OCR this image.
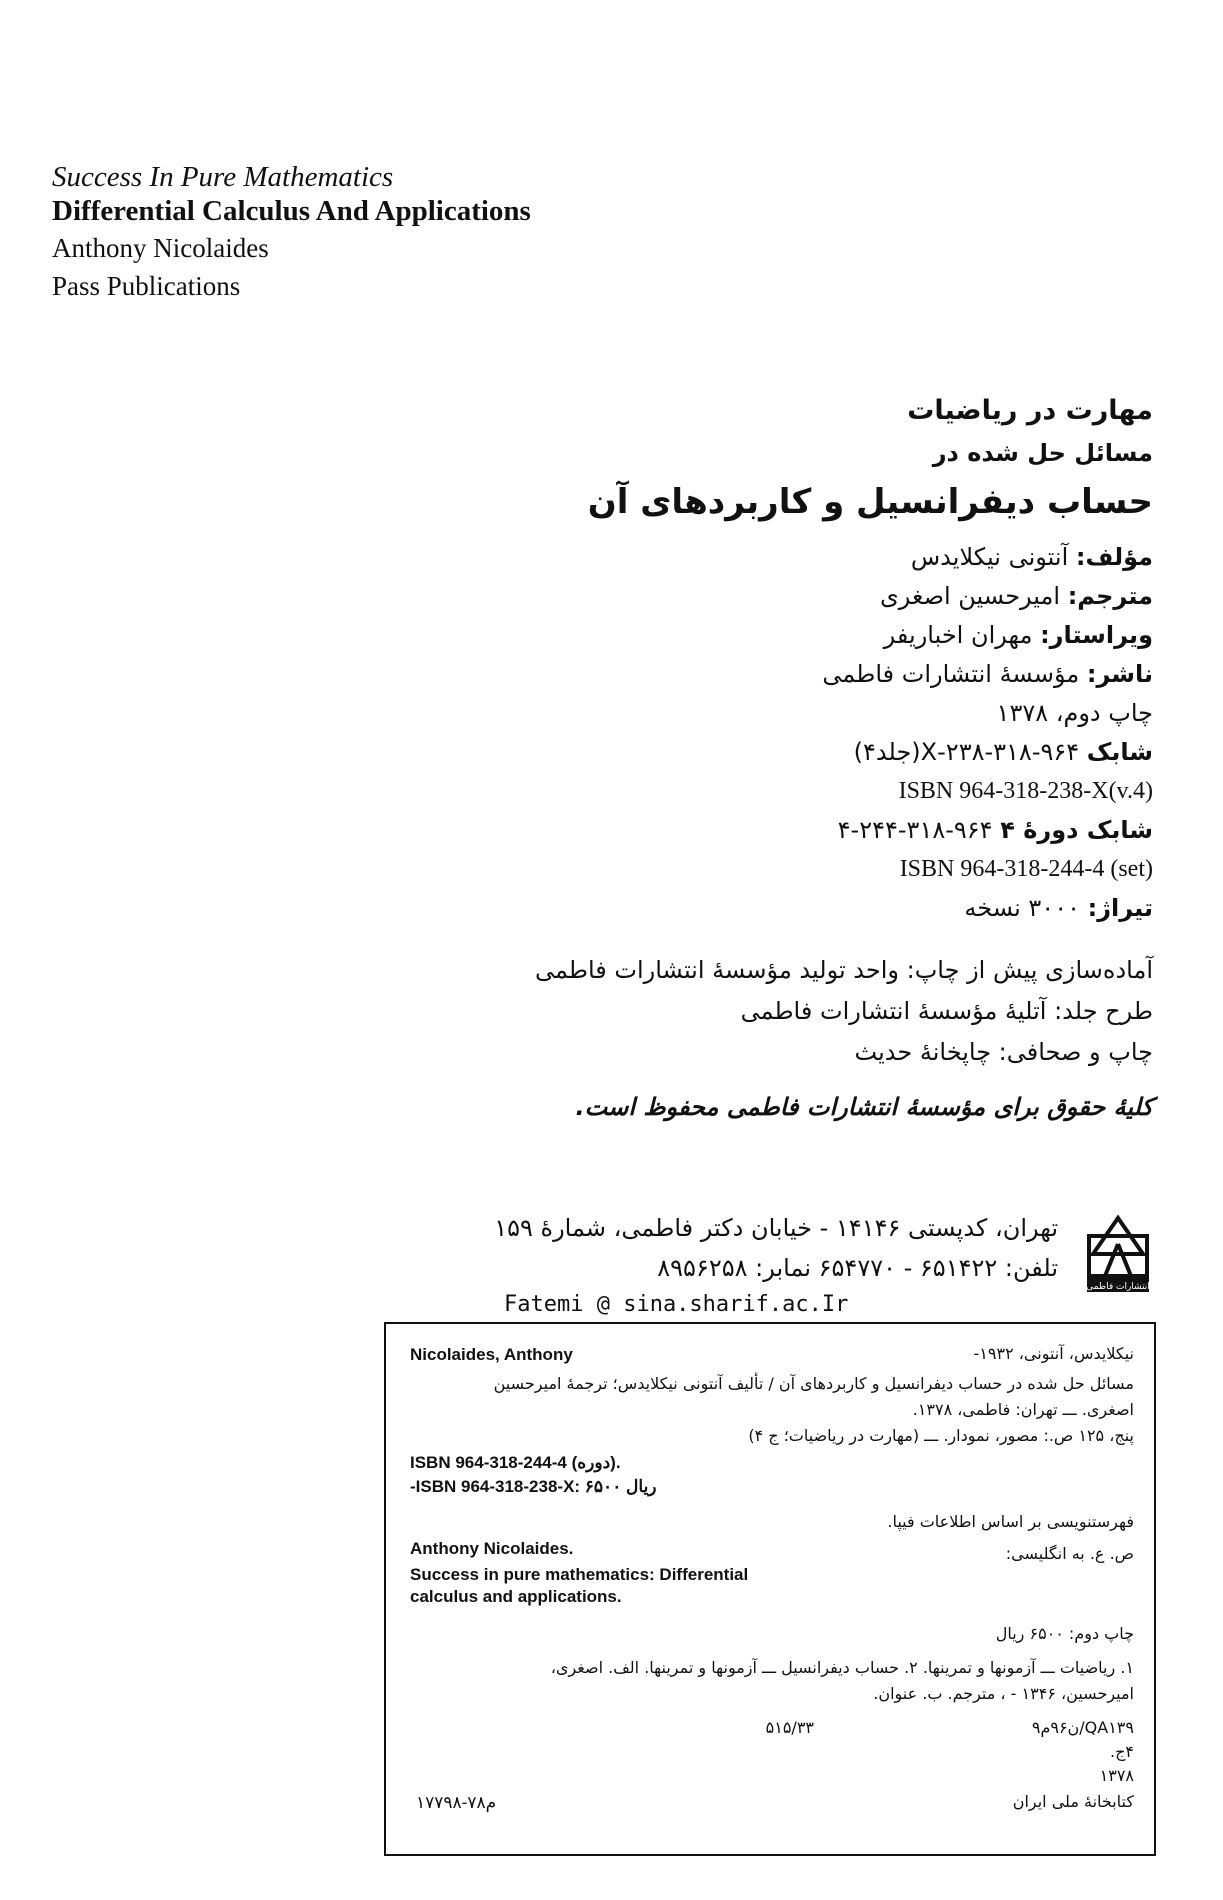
Success In Pure Mathematics
Differential Calculus And Applications
Anthony Nicolaides
Pass Publications
مهارت در ریاضیات
مسائل حل شده در
حساب دیفرانسیل و کاربردهای آن
مؤلف: آنتونی نیکلایدس
مترجم: امیرحسین اصغری
ویراستار: مهران اخباریفر
ناشر: مؤسسهٔ انتشارات فاطمی
چاپ دوم، ۱۳۷۸
شابک ۹۶۴-۳۱۸-۲۳۸-X(جلد۴)
ISBN 964-318-238-X(v.4)
شابک دورهٔ ۴ ۹۶۴-۳۱۸-۲۴۴-۴
ISBN 964-318-244-4 (set)
تیراژ: ۳۰۰۰ نسخه
آماده‌سازی پیش از چاپ: واحد تولید مؤسسهٔ انتشارات فاطمی
طرح جلد: آتلیهٔ مؤسسهٔ انتشارات فاطمی
چاپ و صحافی: چاپخانهٔ حدیث
کلیهٔ حقوق برای مؤسسهٔ انتشارات فاطمی محفوظ است.
تهران، کدپستی ۱۴۱۴۶ - خیابان دکتر فاطمی، شمارهٔ ۱۵۹
تلفن: ۶۵۱۴۲۲ - ۶۵۴۷۷۰ نمابر: ۸۹۵۶۲۵۸
انتشارات فاطمی
Fatemi @ sina.sharif.ac.Ir
Nicolaides, Anthony	نیکلایدس، آنتونی، ۱۹۳۲-
مسائل حل شده در حساب دیفرانسیل و کاربردهای آن / تألیف آنتونی نیکلایدس؛ ترجمهٔ امیرحسین
اصغری. ـــ تهران: فاطمی، ۱۳۷۸.
پنج، ۱۲۵ ص.: مصور، نمودار. ـــ (مهارت در ریاضیات؛ ج ۴)
ISBN 964-318-244-4 (دوره).
-ISBN 964-318-238-X: ۶۵۰۰ ریال
فهرستنویسی بر اساس اطلاعات فیپا.
ص. ع. به انگلیسی:
Anthony Nicolaides.
Success in pure mathematics: Differential
calculus and applications.
چاپ دوم: ۶۵۰۰ ریال
۱. ریاضیات ـــ آزمونها و تمرینها. ۲. حساب دیفرانسیل ـــ آزمونها و تمرینها. الف. اصغری،
امیرحسین، ۱۳۴۶ - ، مترجم. ب. عنوان.
۵۱۵/۳۳	QA۱۳۹/ن۹۶م۹
۴ج.
۱۳۷۸
کتابخانهٔ ملی ایران
م۷۸-۱۷۷۹۸
